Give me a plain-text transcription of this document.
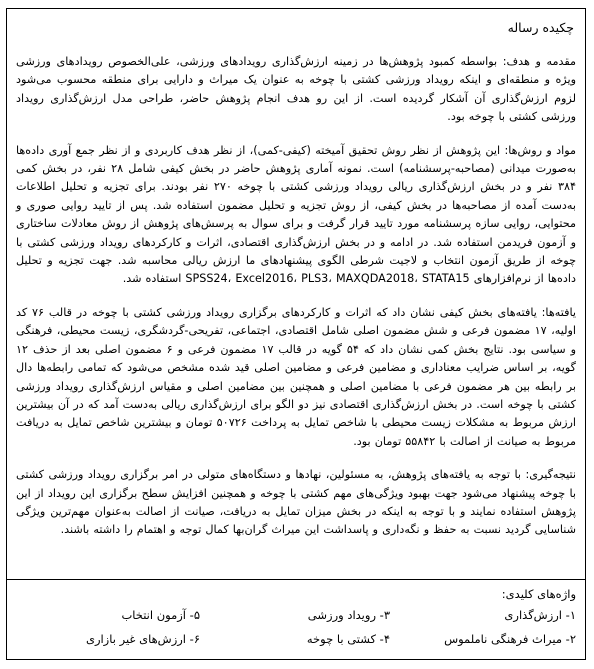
چکیده رساله

مقدمه و هدف: بواسطه کمبود پژوهش‌ها در زمینه ارزش‌گذاری رویدادهای ورزشی، علی‌الخصوص رویدادهای ورزشی ویژه و منطقه‌ای و اینکه رویداد ورزشی کشتی با چوخه به عنوان یک میراث و دارایی برای منطقه محسوب می‌شود لزوم ارزش‌گذاری آن آشکار گردیده است. از این رو هدف انجام پژوهش حاضر، طراحی مدل ارزش‌گذاری رویداد ورزشی کشتی با چوخه بود.

مواد و روش‌ها: این پژوهش از نظر روش تحقیق آمیخته (کیفی-کمی)، از نظر هدف کاربردی و از نظر جمع آوری داده‌ها به‌صورت میدانی (مصاحبه-پرسشنامه) است. نمونه آماری پژوهش حاضر در بخش کیفی شامل ۲۸ نفر، در بخش کمی ۳۸۴ نفر و در بخش ارزش‌گذاری ریالی رویداد ورزشی کشتی با چوخه ۲۷۰ نفر بودند. برای تجزیه و تحلیل اطلاعات به‌دست آمده از مصاحبه‌ها در بخش کیفی، از روش تجزیه و تحلیل مضمون استفاده شد. پس از تایید روایی صوری و محتوایی، روایی سازه پرسشنامه مورد تایید قرار گرفت و برای سوال به پرسش‌های پژوهش از روش معادلات ساختاری و آزمون فریدمن استفاده شد. در ادامه و در بخش ارزش‌گذاری اقتصادی، اثرات و کارکردهای رویداد ورزشی کشتی با چوخه از طریق آزمون انتخاب و لاجیت شرطی الگوی پیشنهادهای ما ارزش ریالی محاسبه شد. جهت تجزیه و تحلیل داده‌ها از نرم‌افزارهای SPSS24، Excel2016، PLS3، MAXQDA2018، STATA15 استفاده شد.

یافته‌ها: یافته‌های بخش کیفی نشان داد که اثرات و کارکردهای برگزاری رویداد ورزشی کشتی با چوخه در قالب ۷۶ کد اولیه، ۱۷ مضمون فرعی و شش مضمون اصلی شامل اقتصادی، اجتماعی، تفریحی-گردشگری، زیست محیطی، فرهنگی و سیاسی بود. نتایج بخش کمی نشان داد که ۵۴ گویه در قالب ۱۷ مضمون فرعی و ۶ مضمون اصلی بعد از حذف ۱۲ گویه، بر اساس ضرایب معناداری و مضامین فرعی و مضامین اصلی قید شده مشخص می‌شود که تمامی رابطه‌ها دال بر رابطه بین هر مضمون فرعی با مضامین اصلی و همچنین بین مضامین اصلی و مقیاس ارزش‌گذاری رویداد ورزشی کشتی با چوخه است. در بخش ارزش‌گذاری اقتصادی نیز دو الگو برای ارزش‌گذاری ریالی به‌دست آمد که در آن بیشترین ارزش مربوط به مشکلات زیست محیطی با شاخص تمایل به پرداخت ۵۰۷۲۶ تومان و بیشترین شاخص تمایل به دریافت مربوط به صیانت از اصالت با ۵۵۸۴۲ تومان بود.

نتیجه‌گیری: با توجه به یافته‌های پژوهش، به مسئولین، نهادها و دستگاه‌های متولی در امر برگزاری رویداد ورزشی کشتی با چوخه پیشنهاد می‌شود جهت بهبود ویژگی‌های مهم کشتی با چوخه و همچنین افزایش سطح برگزاری این رویداد از این پژوهش استفاده نمایند و با توجه به اینکه در بخش میزان تمایل به دریافت، صیانت از اصالت به‌عنوان مهم‌ترین ویژگی شناسایی گردید نسبت به حفظ و نگه‌داری و پاسداشت این میراث گران‌بها کمال توجه و اهتمام را داشته باشند.

واژه‌های کلیدی:
۱- ارزش‌گذاری
۳- رویداد ورزشی
۵- آزمون انتخاب
۲- میراث فرهنگی ناملموس
۴- کشتی با چوخه
۶- ارزش‌های غیر بازاری
